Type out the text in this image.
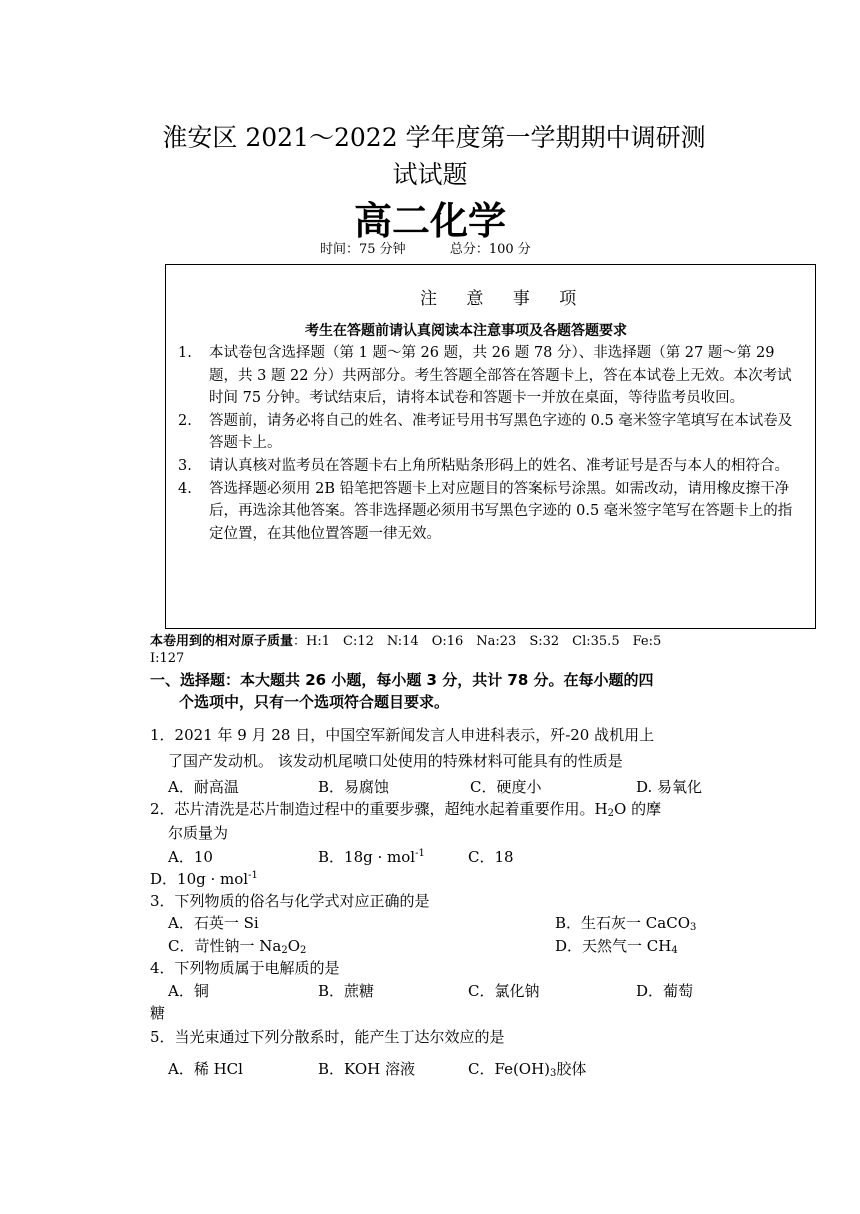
淮安区 2021～2022 学年度第一学期期中调研测
试试题
高二化学
时间：75 分钟	总分：100 分
注 意 事 项
考生在答题前请认真阅读本注意事项及各题答题要求
1. 本试卷包含选择题（第 1 题～第 26 题，共 26 题 78 分）、非选择题（第 27 题～第 29 题，共 3 题 22 分）共两部分。考生答题全部答在答题卡上，答在本试卷上无效。本次考试时间 75 分钟。考试结束后，请将本试卷和答题卡一并放在桌面，等待监考员收回。
2. 答题前，请务必将自己的姓名、准考证号用书写黑色字迹的 0.5 毫米签字笔填写在本试卷及答题卡上。
3. 请认真核对监考员在答题卡右上角所粘贴条形码上的姓名、准考证号是否与本人的相符合。
4. 答选择题必须用 2B 铅笔把答题卡上对应题目的答案标号涂黑。如需改动，请用橡皮擦干净后，再选涂其他答案。答非选择题必须用书写黑色字迹的 0.5 毫米签字笔写在答题卡上的指定位置，在其他位置答题一律无效。
本卷用到的相对原子质量：H:1　C:12　N:14　O:16　Na:23　S:32　Cl:35.5　Fe:5
I:127
一、选择题：本大题共 26 小题，每小题 3 分，共计 78 分。在每小题的四
个选项中，只有一个选项符合题目要求。
1．2021 年 9 月 28 日，中国空军新闻发言人申进科表示，歼-20 战机用上
了国产发动机。 该发动机尾喷口处使用的特殊材料可能具有的性质是
A．耐高温	B．易腐蚀	C．硬度小	D. 易氧化
2．芯片清洗是芯片制造过程中的重要步骤，超纯水起着重要作用。$H_2O$ 的摩
尔质量为
A．10	B．18g · mol$^{-1}$	C．18
D．10g · mol$^{-1}$
3．下列物质的俗名与化学式对应正确的是
A．石英一 Si	B．生石灰一 CaCO$_3$
C．苛性钠一 $Na_2O_2$	D．天然气一 $CH_4$
4．下列物质属于电解质的是
A．铜	B．蔗糖	C．氯化钠	D．葡萄
糖
5．当光束通过下列分散系时，能产生丁达尔效应的是
A．稀 HCl	B．KOH 溶液	C．$Fe(OH)_3$胶体
